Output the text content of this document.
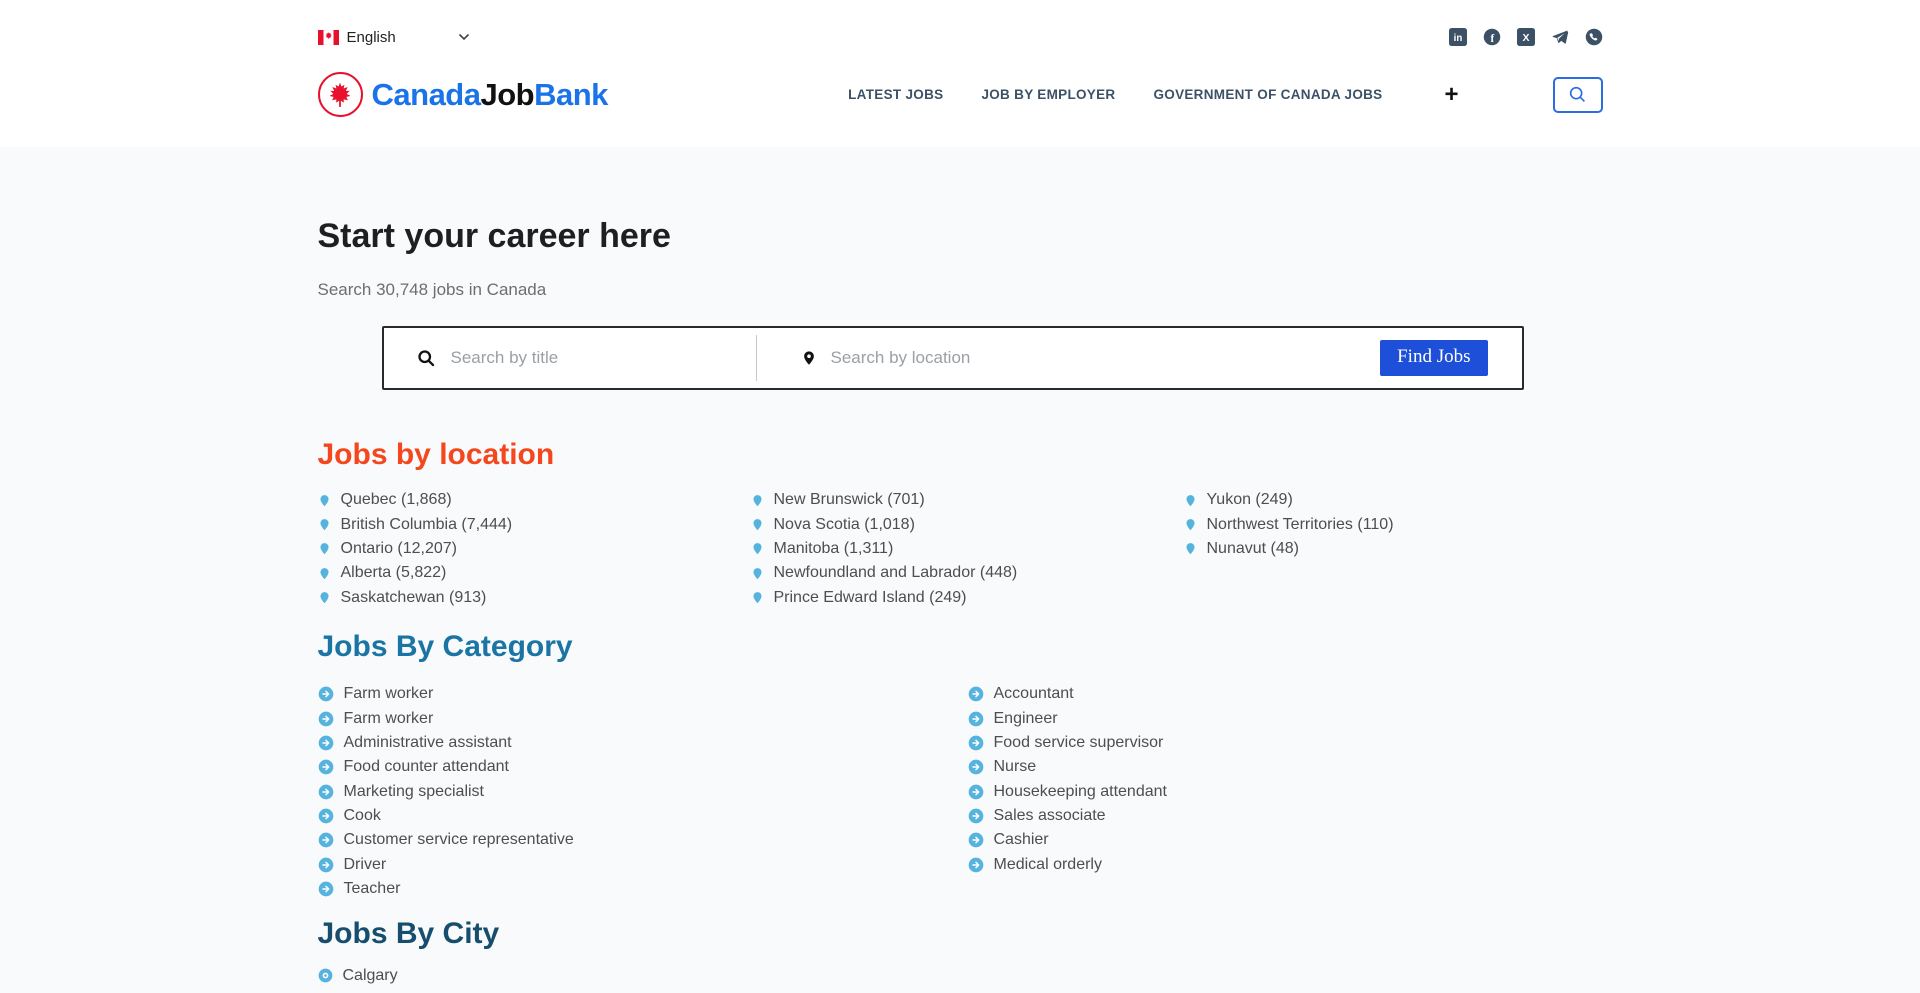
English	in f X
CanadaJobBank	LATEST JOBS	JOB BY EMPLOYER	GOVERNMENT OF CANADA JOBS	+
Start your career here
Search 30,748 jobs in Canada
Search by title
Search by location
Find Jobs
Jobs by location
Quebec (1,868)
British Columbia (7,444)
Ontario (12,207)
Alberta (5,822)
Saskatchewan (913)
New Brunswick (701)
Nova Scotia (1,018)
Manitoba (1,311)
Newfoundland and Labrador (448)
Prince Edward Island (249)
Yukon (249)
Northwest Territories (110)
Nunavut (48)
Jobs By Category
Farm worker
Farm worker
Administrative assistant
Food counter attendant
Marketing specialist
Cook
Customer service representative
Driver
Teacher
Accountant
Engineer
Food service supervisor
Nurse
Housekeeping attendant
Sales associate
Cashier
Medical orderly
Jobs By City
Calgary
